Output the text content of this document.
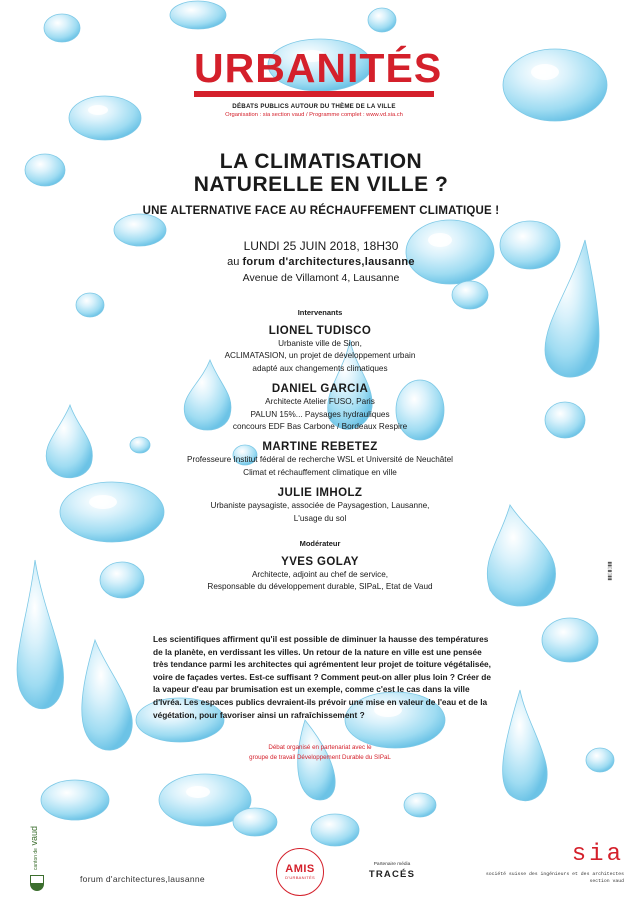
URBANITÉS
DÉBATS PUBLICS AUTOUR DU THÈME DE LA VILLE
Organisation : sia section vaud / Programme complet : www.vd.sia.ch
LA CLIMATISATION
NATURELLE EN VILLE ?
UNE ALTERNATIVE FACE AU RÉCHAUFFEMENT CLIMATIQUE !
LUNDI 25 JUIN 2018, 18H30
au forum d'architectures,lausanne
Avenue de Villamont 4, Lausanne
Intervenants
LIONEL TUDISCO
Urbaniste ville de Sion,
ACLIMATASION, un projet de développement urbain
adapté aux changements climatiques
DANIEL GARCIA
Architecte Atelier FUSO, Paris
PALUN 15%... Paysages hydrauliques
concours EDF Bas Carbone / Bordeaux Respire
MARTINE REBETEZ
Professeure Institut fédéral de recherche WSL et Université de Neuchâtel
Climat et réchauffement climatique en ville
JULIE IMHOLZ
Urbaniste paysagiste, associée de Paysagestion, Lausanne,
L'usage du sol
Modérateur
YVES GOLAY
Architecte, adjoint au chef de service,
Responsable du développement durable, SIPaL, Etat de Vaud

Les scientifiques affirment qu'il est possible de diminuer la hausse des températures de la planète, en verdissant les villes. Un retour de la nature en ville est une pensée très tendance parmi les architectes qui agrémentent leur projet de toiture végétalisée, voire de façades vertes. Est-ce suffisant ? Comment peut-on aller plus loin ? Créer de la vapeur d'eau par brumisation est un exemple, comme c'est le cas dans la ville d'Ivréa. Les espaces publics devraient-ils prévoir une mise en valeur de l'eau et de la végétation, pour favoriser ainsi un rafraîchissement ?

Débat organisé en partenariat avec le
groupe de travail Développement Durable du SIPaL
▮▮▯▮▯▮▮
canton de vaud
forum d'architectures,lausanne
AMIS
D'URBANITÉS
Partenaire média
TRACÉS
sia
société suisse des ingénieurs et des architectes
section vaud
